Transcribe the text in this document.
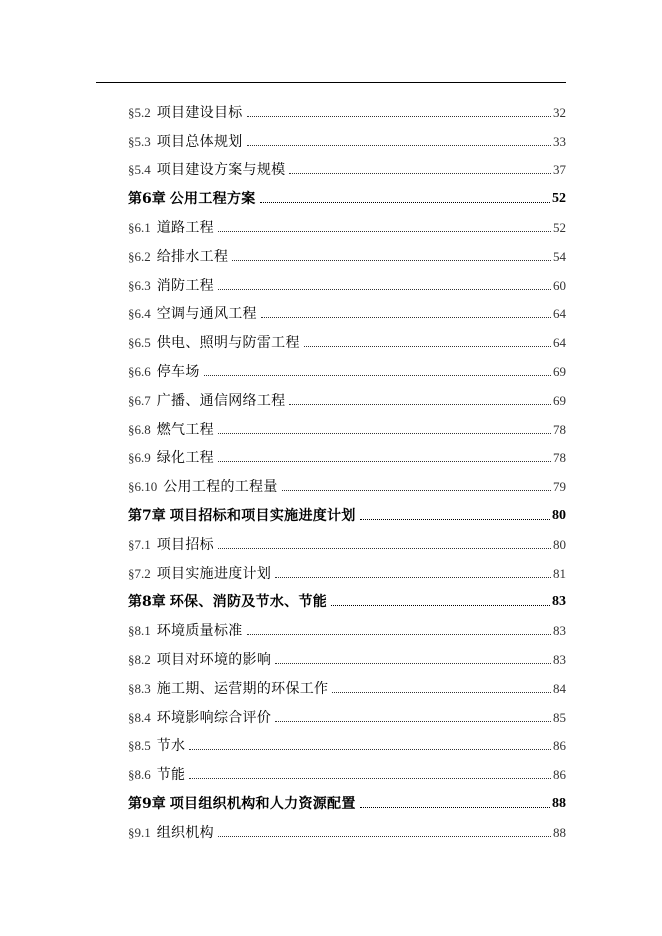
§5.2 项目建设目标	32
§5.3 项目总体规划	33
§5.4 项目建设方案与规模	37
第6章 公用工程方案	52
§6.1 道路工程	52
§6.2 给排水工程	54
§6.3 消防工程	60
§6.4 空调与通风工程	64
§6.5 供电、照明与防雷工程	64
§6.6 停车场	69
§6.7 广播、通信网络工程	69
§6.8 燃气工程	78
§6.9 绿化工程	78
§6.10 公用工程的工程量	79
第7章 项目招标和项目实施进度计划	80
§7.1 项目招标	80
§7.2 项目实施进度计划	81
第8章 环保、消防及节水、节能	83
§8.1 环境质量标准	83
§8.2 项目对环境的影响	83
§8.3 施工期、运营期的环保工作	84
§8.4 环境影响综合评价	85
§8.5 节水	86
§8.6 节能	86
第9章 项目组织机构和人力资源配置	88
§9.1 组织机构	88
